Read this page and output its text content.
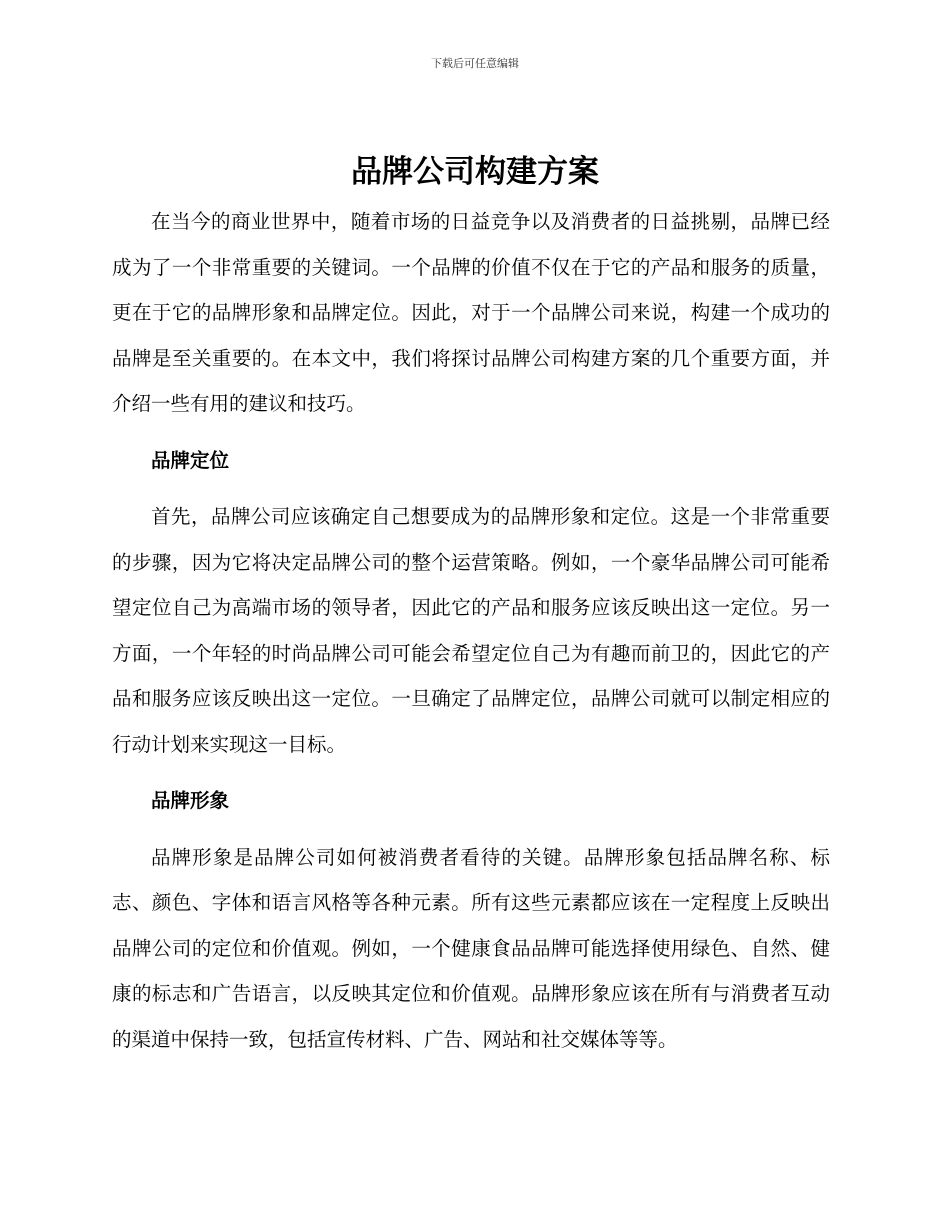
下载后可任意编辑
品牌公司构建方案

在当今的商业世界中，随着市场的日益竞争以及消费者的日益挑剔，品牌已经成为了一个非常重要的关键词。一个品牌的价值不仅在于它的产品和服务的质量，更在于它的品牌形象和品牌定位。因此，对于一个品牌公司来说，构建一个成功的品牌是至关重要的。在本文中，我们将探讨品牌公司构建方案的几个重要方面，并介绍一些有用的建议和技巧。

品牌定位

首先，品牌公司应该确定自己想要成为的品牌形象和定位。这是一个非常重要的步骤，因为它将决定品牌公司的整个运营策略。例如，一个豪华品牌公司可能希望定位自己为高端市场的领导者，因此它的产品和服务应该反映出这一定位。另一方面，一个年轻的时尚品牌公司可能会希望定位自己为有趣而前卫的，因此它的产品和服务应该反映出这一定位。一旦确定了品牌定位，品牌公司就可以制定相应的行动计划来实现这一目标。

品牌形象

品牌形象是品牌公司如何被消费者看待的关键。品牌形象包括品牌名称、标志、颜色、字体和语言风格等各种元素。所有这些元素都应该在一定程度上反映出品牌公司的定位和价值观。例如，一个健康食品品牌可能选择使用绿色、自然、健康的标志和广告语言，以反映其定位和价值观。品牌形象应该在所有与消费者互动的渠道中保持一致，包括宣传材料、广告、网站和社交媒体等等。
